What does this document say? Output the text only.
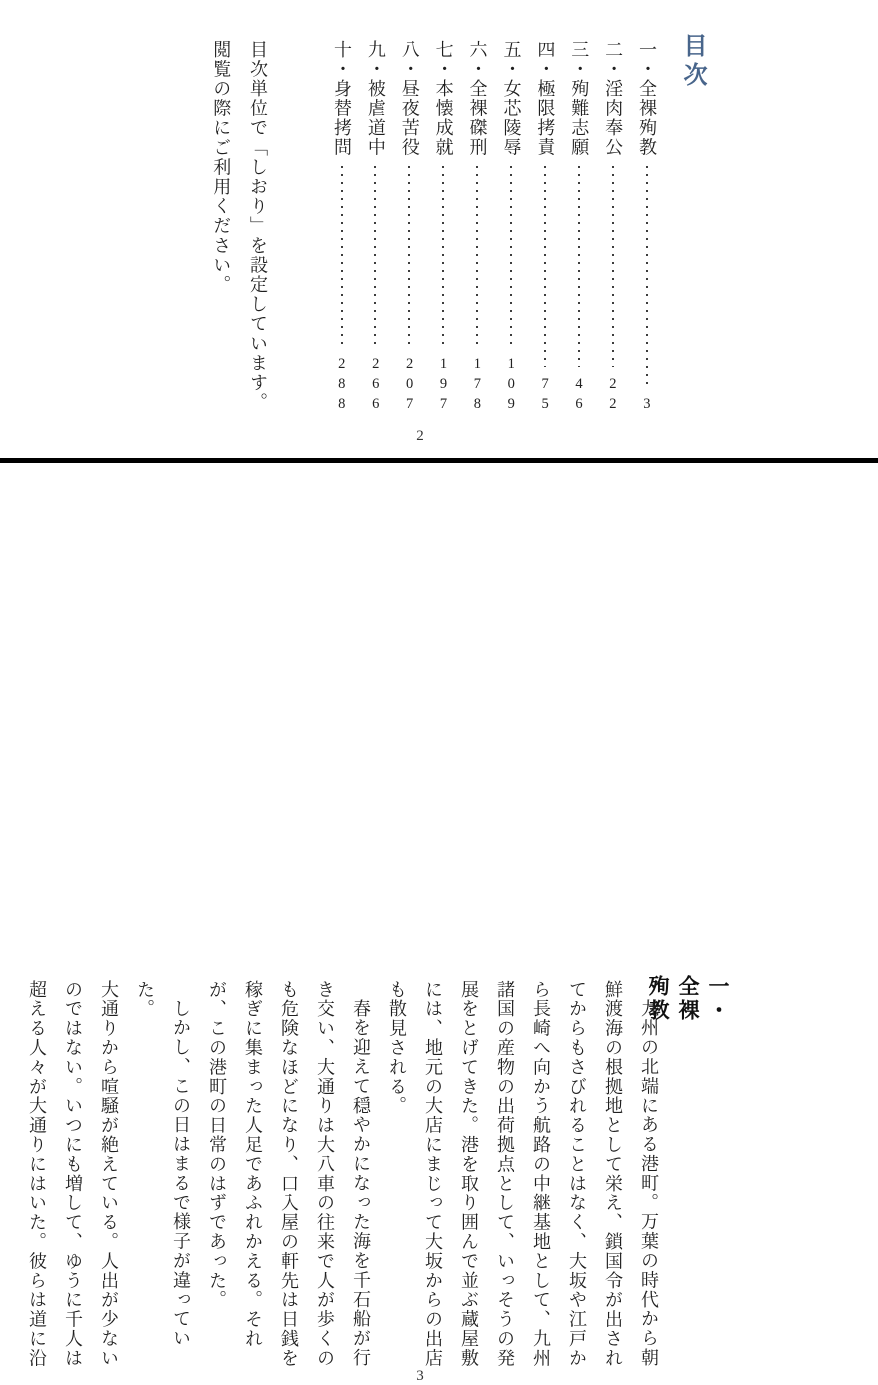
目次
一・全裸殉教
3
二・淫肉奉公
22
三・殉難志願
46
四・極限拷責
75
五・女芯陵辱
109
六・全裸磔刑
178
七・本懐成就
197
八・昼夜苦役
207
九・被虐道中
266
十・身替拷問
288

目次単位で「しおり」を設定しています。

閲覧の際にご利用ください。

2
一・全裸殉教

九州の北端にある港町。万葉の時代から朝鮮渡海の根拠地として栄え、鎖国令が出されてからもさびれることはなく、大坂や江戸から長崎へ向かう航路の中継基地として、九州諸国の産物の出荷拠点として、いっそうの発展をとげてきた。港を取り囲んで並ぶ蔵屋敷には、地元の大店にまじって大坂からの出店も散見される。

春を迎えて穏やかになった海を千石船が行き交い、大通りは大八車の往来で人が歩くのも危険なほどになり、口入屋の軒先は日銭を稼ぎに集まった人足であふれかえる。それが、この港町の日常のはずであった。

しかし、この日はまるで様子が違っていた。

大通りから喧騒が絶えている。人出が少ないのではない。いつにも増して、ゆうに千人は超える人々が大通りにはいた。彼らは道に沿

3
